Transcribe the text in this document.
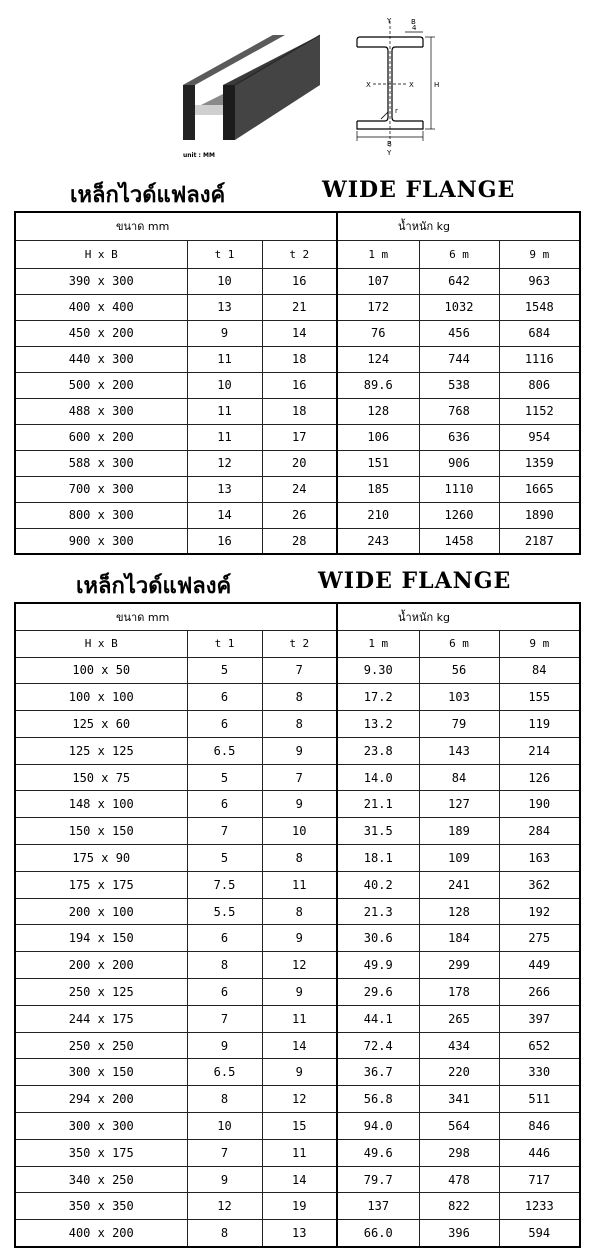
unit : MM
Y
Y
X	X	H
B
B
4
r
เหล็กไวด์แฟลงค์	WIDE FLANGE
ขนาด mm			น้ำหนัก kg		
H x B	t 1	t 2	1 m	6 m	9 m
390 x 300	10	16	107	642	963
400 x 400	13	21	172	1032	1548
450 x 200	9	14	76	456	684
440 x 300	11	18	124	744	1116
500 x 200	10	16	89.6	538	806
488 x 300	11	18	128	768	1152
600 x 200	11	17	106	636	954
588 x 300	12	20	151	906	1359
700 x 300	13	24	185	1110	1665
800 x 300	14	26	210	1260	1890
900 x 300	16	28	243	1458	2187
เหล็กไวด์แฟลงค์	WIDE FLANGE
ขนาด mm			น้ำหนัก kg		
H x B	t 1	t 2	1 m	6 m	9 m
100 x 50	5	7	9.30	56	84
100 x 100	6	8	17.2	103	155
125 x 60	6	8	13.2	79	119
125 x 125	6.5	9	23.8	143	214
150 x 75	5	7	14.0	84	126
148 x 100	6	9	21.1	127	190
150 x 150	7	10	31.5	189	284
175 x 90	5	8	18.1	109	163
175 x 175	7.5	11	40.2	241	362
200 x 100	5.5	8	21.3	128	192
194 x 150	6	9	30.6	184	275
200 x 200	8	12	49.9	299	449
250 x 125	6	9	29.6	178	266
244 x 175	7	11	44.1	265	397
250 x 250	9	14	72.4	434	652
300 x 150	6.5	9	36.7	220	330
294 x 200	8	12	56.8	341	511
300 x 300	10	15	94.0	564	846
350 x 175	7	11	49.6	298	446
340 x 250	9	14	79.7	478	717
350 x 350	12	19	137	822	1233
400 x 200	8	13	66.0	396	594
